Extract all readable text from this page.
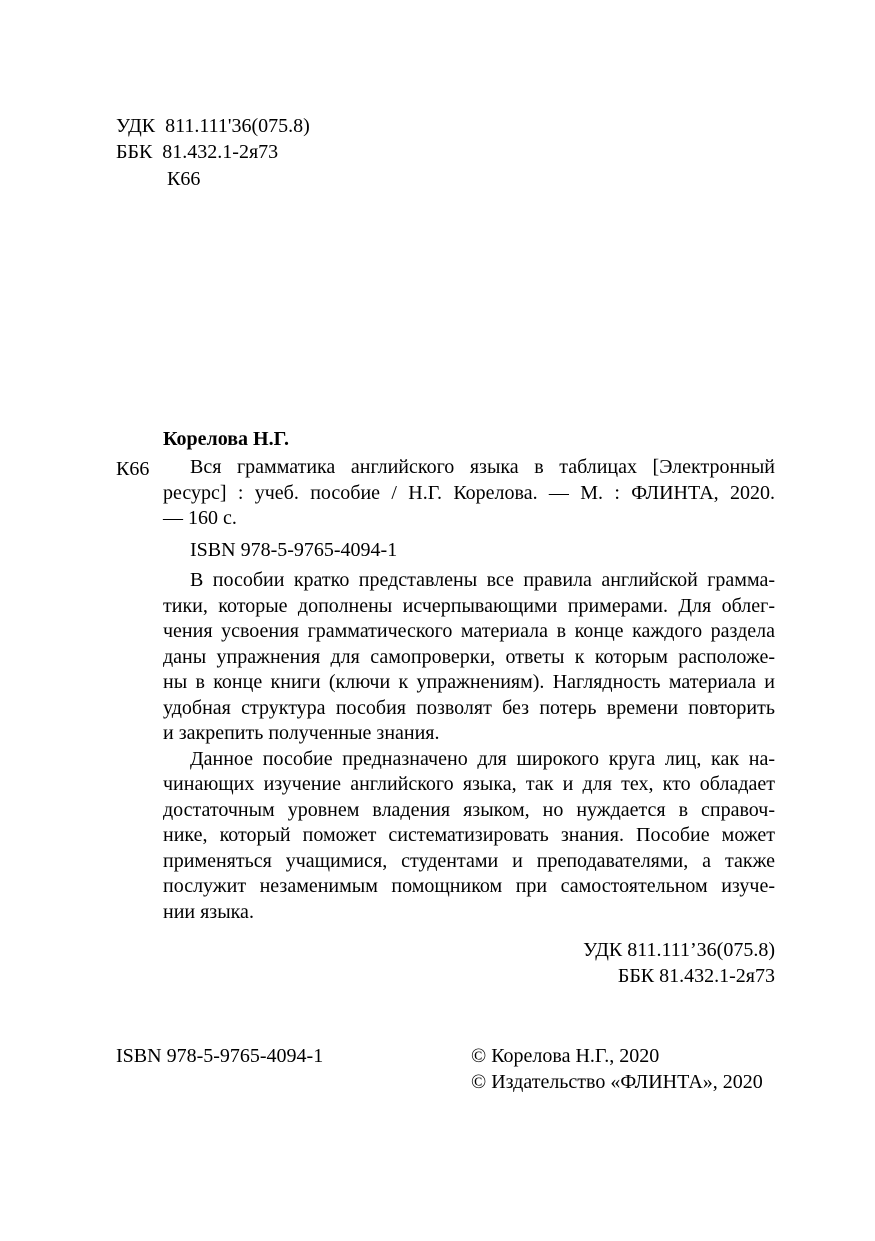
УДК  811.111'36(075.8)
ББК  81.432.1-2я73
К66
Корелова Н.Г.
К66	Вся грамматика английского языка в таблицах [Электронный
ресурс] : учеб. пособие / Н.Г. Корелова. — М. : ФЛИНТА, 2020.
— 160 с.
ISBN 978-5-9765-4094-1

В пособии кратко представлены все правила английской грамма-
тики, которые дополнены исчерпывающими примерами. Для облег-
чения усвоения грамматического материала в конце каждого раздела
даны упражнения для самопроверки, ответы к которым расположе-
ны в конце книги (ключи к упражнениям). Наглядность материала и
удобная структура пособия позволят без потерь времени повторить
и закрепить полученные знания.

Данное пособие предназначено для широкого круга лиц, как на-
чинающих изучение английского языка, так и для тех, кто обладает
достаточным уровнем владения языком, но нуждается в справоч-
нике, который поможет систематизировать знания. Пособие может
применяться учащимися, студентами и преподавателями, а также
послужит незаменимым помощником при самостоятельном изуче-
нии языка.

УДК 811.111’36(075.8)
ББК 81.432.1-2я73
ISBN 978-5-9765-4094-1	© Корелова Н.Г., 2020
© Издательство «ФЛИНТА», 2020
